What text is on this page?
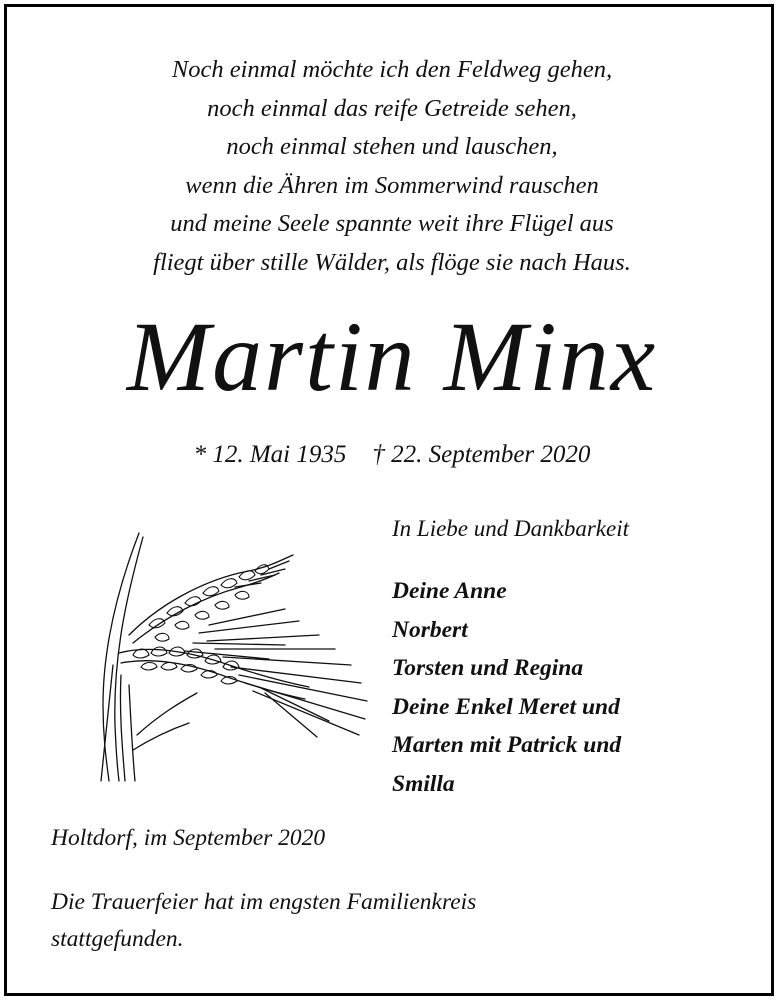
Noch einmal möchte ich den Feldweg gehen,
noch einmal das reife Getreide sehen,
noch einmal stehen und lauschen,
wenn die Ähren im Sommerwind rauschen
und meine Seele spannte weit ihre Flügel aus
fliegt über stille Wälder, als flöge sie nach Haus.
Martin Minx
* 12. Mai 1935 † 22. September 2020
In Liebe und Dankbarkeit
Deine Anne
Norbert
Torsten und Regina
Deine Enkel Meret und
Marten mit Patrick und
Smilla
Holtdorf, im September 2020
Die Trauerfeier hat im engsten Familienkreis
stattgefunden.
